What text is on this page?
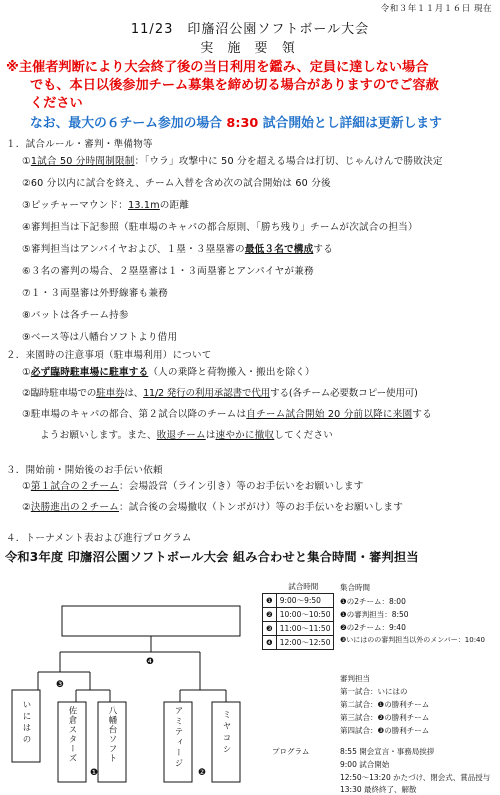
令和３年１１月１６日 現在
11/23　印旛沼公園ソフトボール大会
実 施 要 領
※主催者判断により大会終了後の当日利用を鑑み、定員に達しない場合
でも、本日以後参加チーム募集を締め切る場合がありますのでご容赦
ください
なお、最大の６チーム参加の場合 8:30 試合開始とし詳細は更新します
１．試合ルール・審判・準備物等
①1試合 50 分時間制限制：「ウラ」攻撃中に 50 分を超える場合は打切、じゃんけんで勝敗決定
②60 分以内に試合を終え、チーム入替を含め次の試合開始は 60 分後
③ピッチャーマウンド：13.1mの距離
④審判担当は下記参照（駐車場のキャパの都合原則、「勝ち残り」チームが次試合の担当）
⑤審判担当はアンパイヤおよび、１塁・３塁塁審の最低３名で構成する
⑥３名の審判の場合、２塁塁審は１・３両塁審とアンパイヤが兼務
⑦１・３両塁審は外野線審も兼務
⑧バットは各チーム持参
⑨ベース等は八幡台ソフトより借用
２．来園時の注意事項（駐車場利用）について
①必ず臨時駐車場に駐車する（人の乗降と荷物搬入・搬出を除く）
②臨時駐車場での駐車券は、11/2 発行の利用承認書で代用する(各チーム必要数コピー使用可)
③駐車場のキャパの都合、第２試合以降のチームは自チーム試合開始 20 分前以降に来園する
ようお願いします。また、敗退チームは速やかに撤収してください
３．開始前・開始後のお手伝い依頼
①第１試合の２チーム：会場設営（ライン引き）等のお手伝いをお願いします
②決勝進出の２チーム：試合後の会場撤収（トンボがけ）等のお手伝いをお願いします
４．トーナメント表および進行プログラム
令和3年度 印旛沼公園ソフトボール大会 組み合わせと集合時間・審判担当
❹
❸
❶	❷
いにはの	佐倉スターズ	八幡台ソフト	アミティージ	ミヤコシ
	試合時間
❶	9:00～9:50
❷	10:00～10:50
❸	11:00～11:50
❹	12:00～12:50
集合時間
❶の2チーム：8:00
❶の審判担当：8:50
❷の2チーム：9:40
❸いにはのの審判担当以外のメンバー：10:40
審判担当
第一試合：いにはの
第二試合：❶の勝利チーム
第三試合：❷の勝利チーム
第四試合：❸の勝利チーム
プログラム	8:55 開会宣言・事務局挨拶
9:00 試合開始
12:50～13:20 かたづけ、閉会式、賞品授与
13:30 最終終了、解散
